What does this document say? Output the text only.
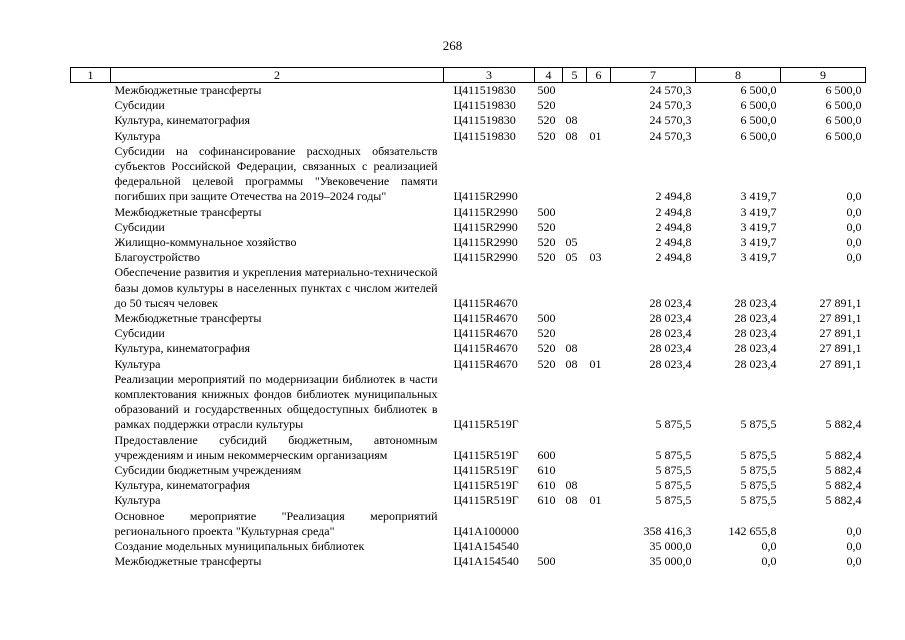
268
1	2	3	4	5	6	7	8	9
	Межбюджетные трансферты	Ц411519830	500			24 570,3	6 500,0	6 500,0
	Субсидии	Ц411519830	520			24 570,3	6 500,0	6 500,0
	Культура, кинематография	Ц411519830	520	08		24 570,3	6 500,0	6 500,0
	Культура	Ц411519830	520	08	01	24 570,3	6 500,0	6 500,0
	Субсидии на софинансирование расходных обязательств субъектов Российской Федерации, связанных с реализацией федеральной целевой программы "Увековечение памяти погибших при защите Отечества на 2019–2024 годы"	Ц4115R2990				2 494,8	3 419,7	0,0
	Межбюджетные трансферты	Ц4115R2990	500			2 494,8	3 419,7	0,0
	Субсидии	Ц4115R2990	520			2 494,8	3 419,7	0,0
	Жилищно-коммунальное хозяйство	Ц4115R2990	520	05		2 494,8	3 419,7	0,0
	Благоустройство	Ц4115R2990	520	05	03	2 494,8	3 419,7	0,0
	Обеспечение развития и укрепления материально-технической базы домов культуры в населенных пунктах с числом жителей до 50 тысяч человек	Ц4115R4670				28 023,4	28 023,4	27 891,1
	Межбюджетные трансферты	Ц4115R4670	500			28 023,4	28 023,4	27 891,1
	Субсидии	Ц4115R4670	520			28 023,4	28 023,4	27 891,1
	Культура, кинематография	Ц4115R4670	520	08		28 023,4	28 023,4	27 891,1
	Культура	Ц4115R4670	520	08	01	28 023,4	28 023,4	27 891,1
	Реализации мероприятий по модернизации библиотек в части комплектования книжных фондов библиотек муниципальных образований и государственных общедоступных библиотек в рамках поддержки отрасли культуры	Ц4115R519Г				5 875,5	5 875,5	5 882,4
	Предоставление субсидий бюджетным, автономным учреждениям и иным некоммерческим организациям	Ц4115R519Г	600			5 875,5	5 875,5	5 882,4
	Субсидии бюджетным учреждениям	Ц4115R519Г	610			5 875,5	5 875,5	5 882,4
	Культура, кинематография	Ц4115R519Г	610	08		5 875,5	5 875,5	5 882,4
	Культура	Ц4115R519Г	610	08	01	5 875,5	5 875,5	5 882,4
	Основное мероприятие "Реализация мероприятий регионального проекта "Культурная среда"	Ц41А100000				358 416,3	142 655,8	0,0
	Создание модельных муниципальных библиотек	Ц41А154540				35 000,0	0,0	0,0
	Межбюджетные трансферты	Ц41А154540	500			35 000,0	0,0	0,0
